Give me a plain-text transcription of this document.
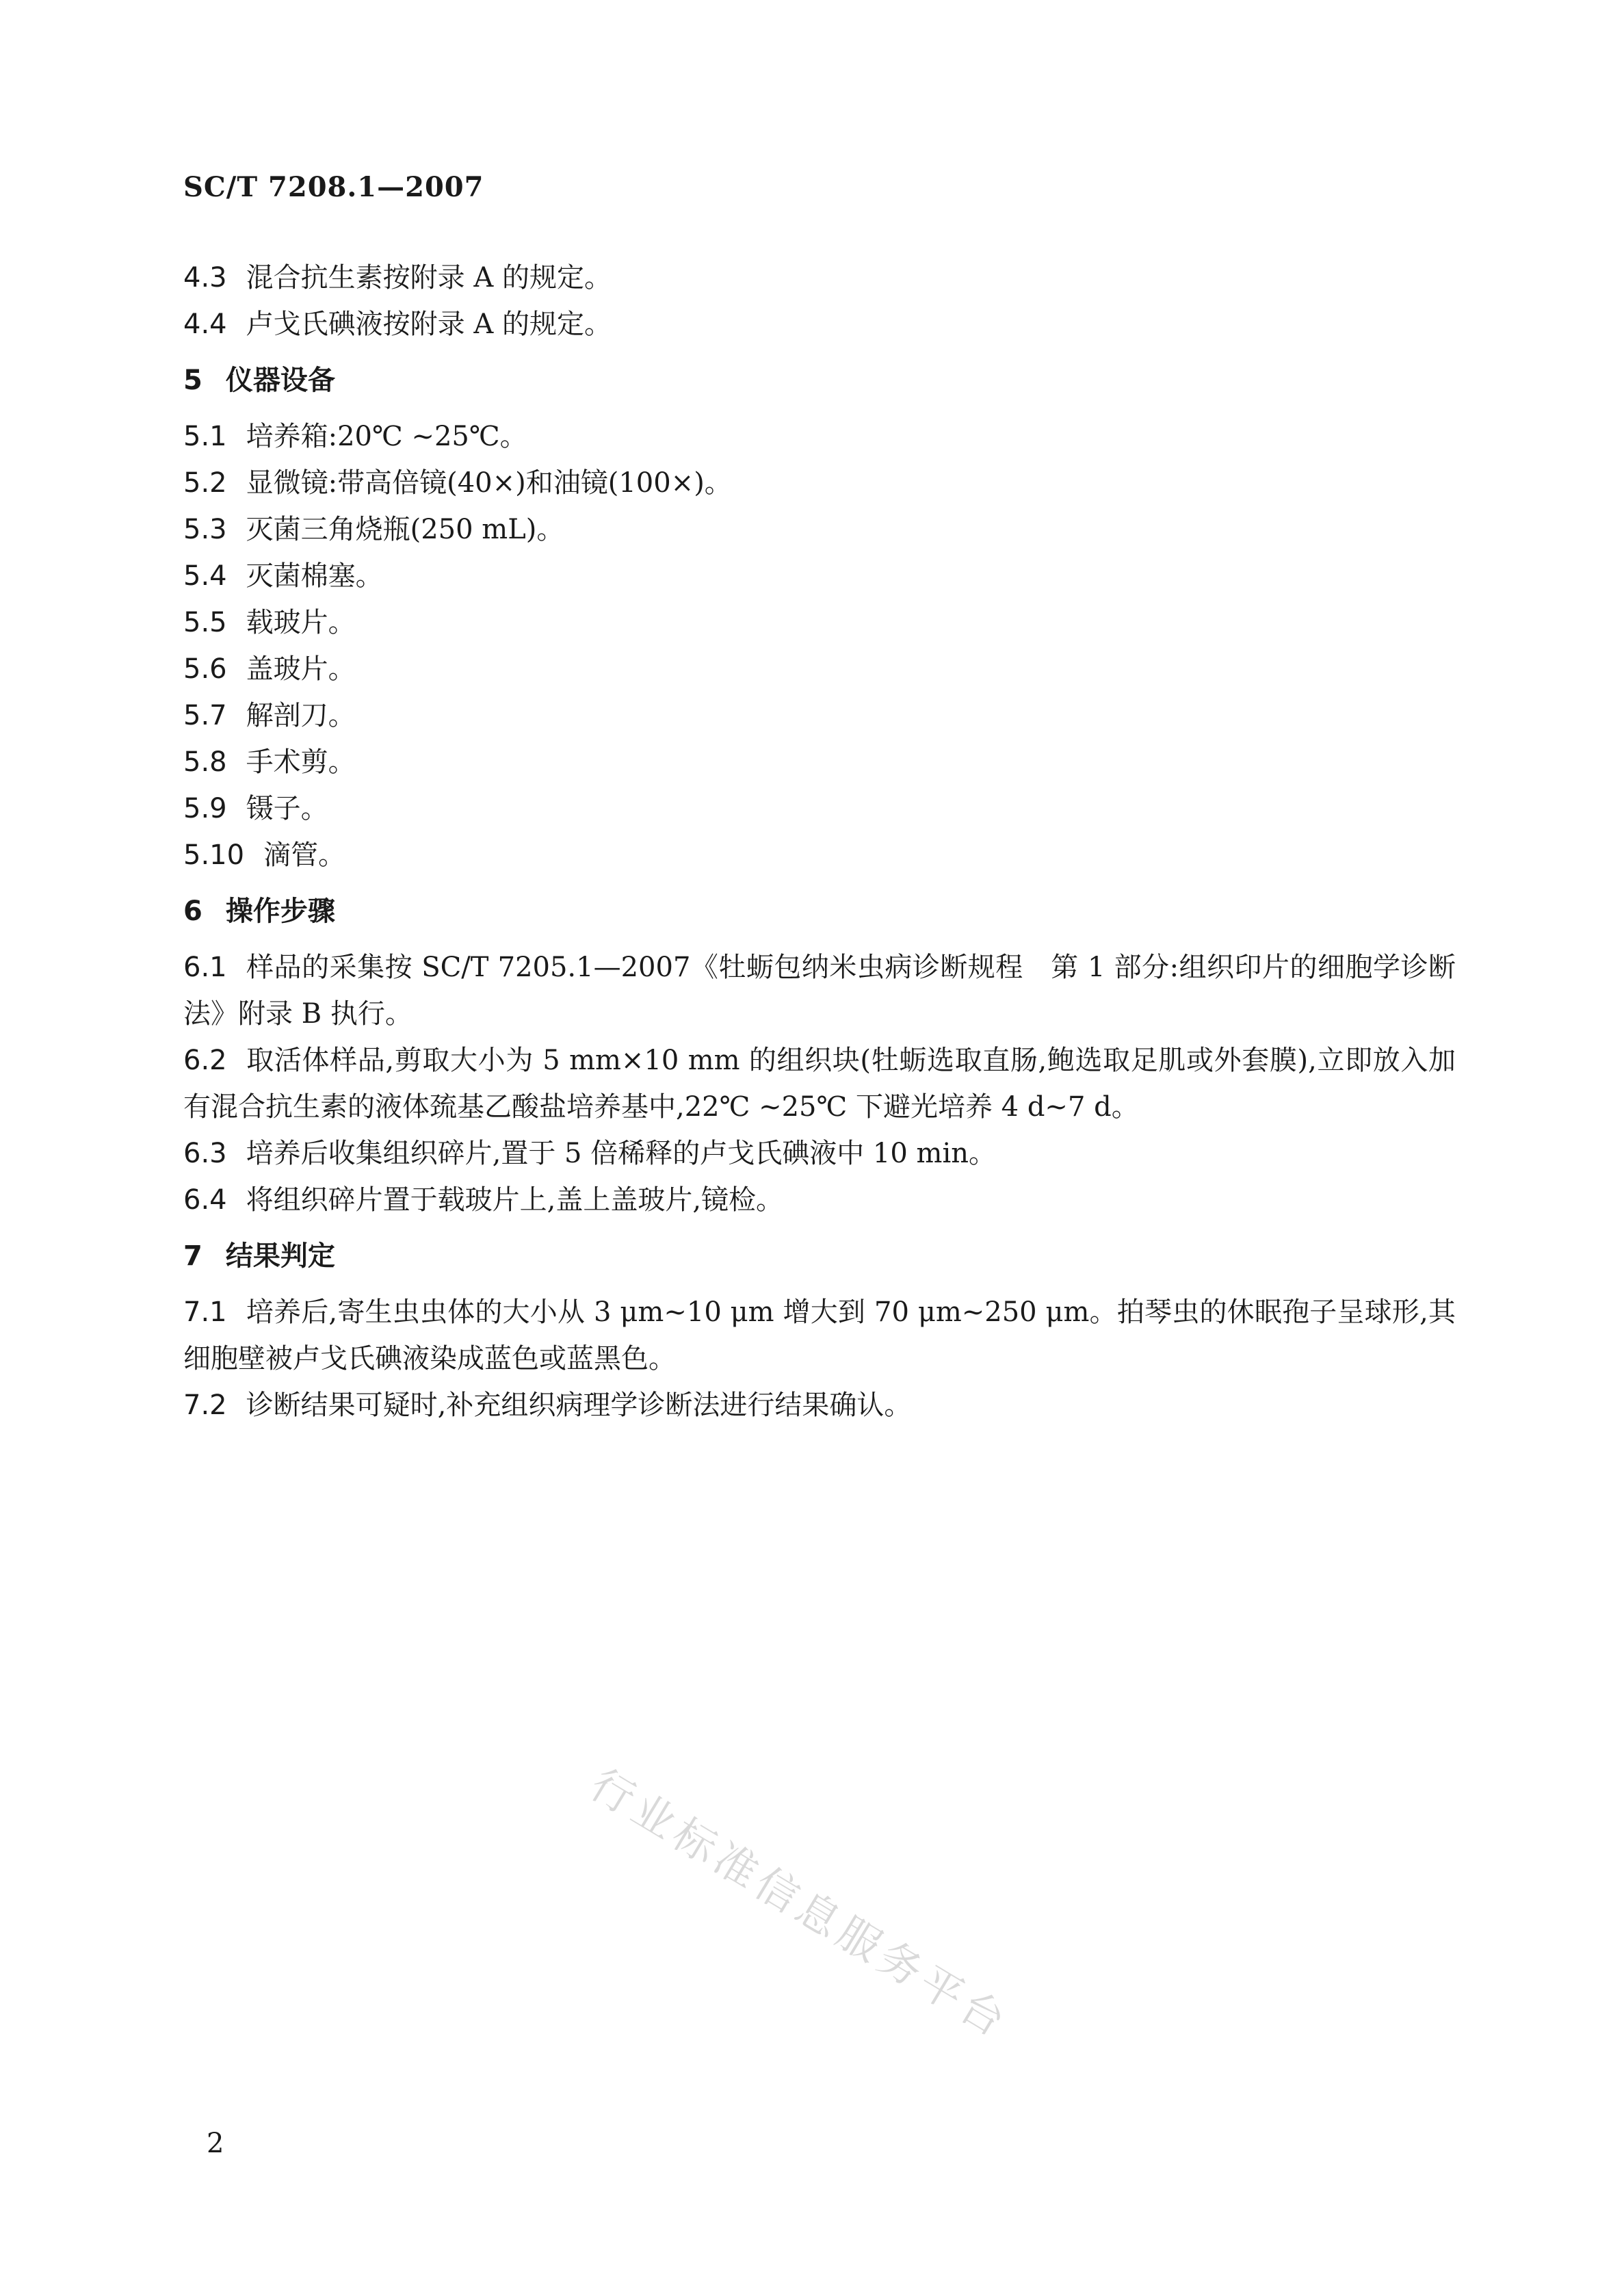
SC/T 7208.1—2007
4.3 混合抗生素按附录 A 的规定。
4.4 卢戈氏碘液按附录 A 的规定。
5 仪器设备
5.1 培养箱:20℃ ~25℃。
5.2 显微镜:带高倍镜(40×)和油镜(100×)。
5.3 灭菌三角烧瓶(250 mL)。
5.4 灭菌棉塞。
5.5 载玻片。
5.6 盖玻片。
5.7 解剖刀。
5.8 手术剪。
5.9 镊子。
5.10 滴管。
6 操作步骤
6.1 样品的采集按 SC/T 7205.1—2007《牡蛎包纳米虫病诊断规程　第 1 部分:组织印片的细胞学诊断法》附录 B 执行。
6.2 取活体样品,剪取大小为 5 mm×10 mm 的组织块(牡蛎选取直肠,鲍选取足肌或外套膜),立即放入加有混合抗生素的液体巯基乙酸盐培养基中,22℃ ~25℃ 下避光培养 4 d~7 d。
6.3 培养后收集组织碎片,置于 5 倍稀释的卢戈氏碘液中 10 min。
6.4 将组织碎片置于载玻片上,盖上盖玻片,镜检。
7 结果判定
7.1 培养后,寄生虫虫体的大小从 3 μm~10 μm 增大到 70 μm~250 μm。拍琴虫的休眠孢子呈球形,其细胞壁被卢戈氏碘液染成蓝色或蓝黑色。
7.2 诊断结果可疑时,补充组织病理学诊断法进行结果确认。
行业标准信息服务平台
2
